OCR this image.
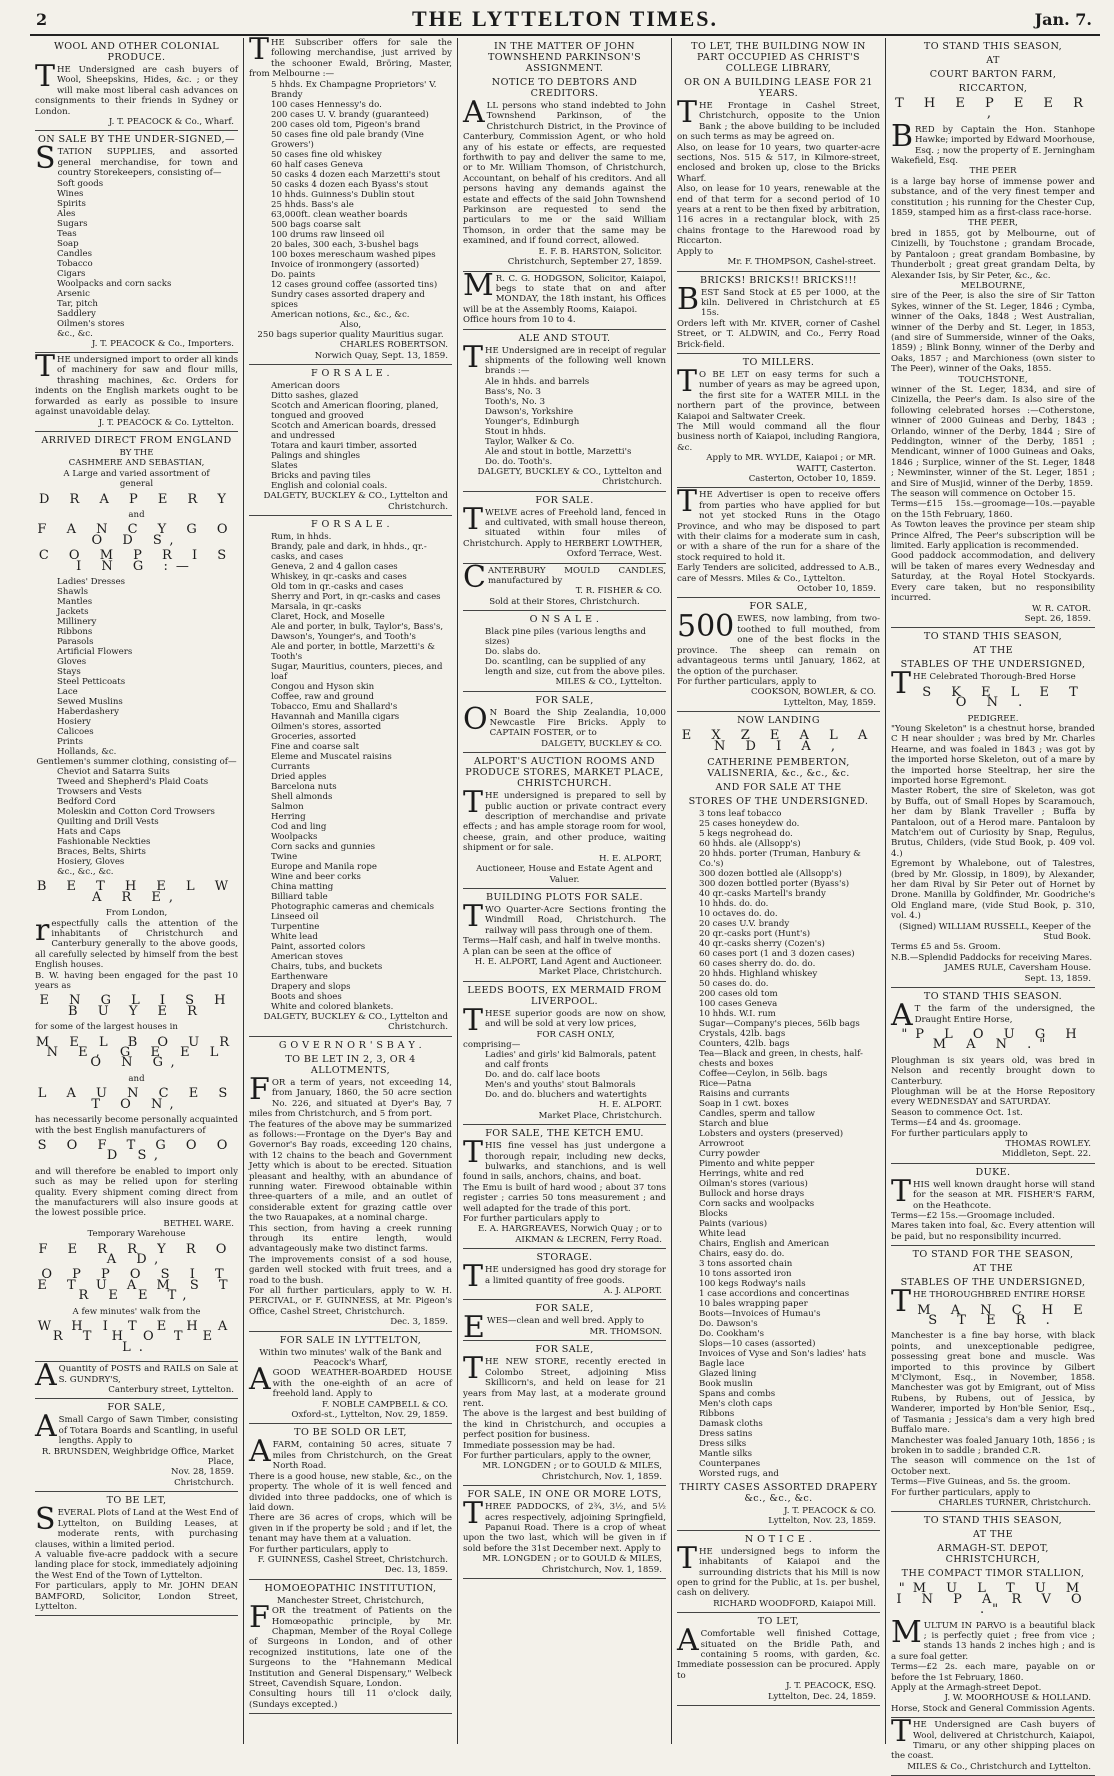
2	THE LYTTELTON TIMES.	Jan. 7.
WOOL AND OTHER COLONIAL PRODUCE.
THE Undersigned are cash buyers of Wool, Sheepskins, Hides, &c. ; or they will make most liberal cash advances on consignments to their friends in Sydney or London.
J. T. PEACOCK & Co., Wharf.
ON SALE BY THE UNDER-SIGNED,—
STATION SUPPLIES, and assorted general merchandise, for town and country Storekeepers, consisting of—
Soft goods
Wines
Spirits
Ales
Sugars
Teas
Soap
Candles
Tobacco
Cigars
Woolpacks and corn sacks
Arsenic
Tar, pitch
Saddlery
Oilmen's stores
&c., &c.
J. T. PEACOCK & Co., Importers.
THE undersigned import to order all kinds of machinery for saw and flour mills, thrashing machines, &c. Orders for indents on the English markets ought to be forwarded as early as possible to insure against unavoidable delay.
J. T. PEACOCK & Co. Lyttelton.
ARRIVED DIRECT FROM ENGLAND
BY THE
CASHMERE AND SEBASTIAN,
A Large and varied assortment of
general
D R A P E R Y
and
F A N C Y G O O D S,
C O M P R I S I N G :—
Ladies' Dresses
Shawls
Mantles
Jackets
Millinery
Ribbons
Parasols
Artificial Flowers
Gloves
Stays
Steel Petticoats
Lace
Sewed Muslins
Haberdashery
Hosiery
Calicoes
Prints
Hollands, &c.
Gentlemen's summer clothing, consisting of—
Cheviot and Satarra Suits
Tweed and Shepherd's Plaid Coats
Trowsers and Vests
Bedford Cord
Moleskin and Cotton Cord Trowsers
Quilting and Drill Vests
Hats and Caps
Fashionable Neckties
Braces, Belts, Shirts
Hosiery, Gloves
&c., &c., &c.
B E T H E L W A R E,
From London,
respectfully calls the attention of the inhabitants of Christchurch and Canterbury generally to the above goods, all carefully selected by himself from the best English houses.
B. W. having been engaged for the past 10 years as
E N G L I S H B U Y E R
for some of the largest houses in
M E L B O U R N E, G E E L O N G,
and
L A U N C E S T O N,
has necessarily become personally acquainted with the best English manufacturers of
S O F T G O O D S,
and will therefore be enabled to import only such as may be relied upon for sterling quality. Every shipment coming direct from the manufacturers will also insure goods at the lowest possible price.
BETHEL WARE.
Temporary Warehouse
F E R R Y R O A D,
O P P O S I T E T U A M S T R E E T,
A few minutes' walk from the
W H I T E H A R T H O T E L.
AQuantity of POSTS and RAILS on Sale at S. GUNDRY'S,
Canterbury street, Lyttelton.
FOR SALE,
ASmall Cargo of Sawn Timber, consisting of Totara Boards and Scantling, in useful lengths. Apply to
R. BRUNSDEN, Weighbridge Office, Market Place,
Nov. 28, 1859.
Christchurch.
TO BE LET,
SEVERAL Plots of Land at the West End of Lyttelton, on Building Leases, at moderate rents, with purchasing clauses, within a limited period.
A valuable five-acre paddock with a secure landing place for stock, immediately adjoining the West End of the Town of Lyttelton.
For particulars, apply to Mr. JOHN DEAN BAMFORD, Solicitor, London Street, Lyttelton.
THE Subscriber offers for sale the following merchandise, just arrived by the schooner Ewald, Bröring, Master, from Melbourne :—
5 hhds. Ex Champagne Proprietors' V. Brandy
100 cases Hennessy's do.
200 cases U. V. brandy (guaranteed)
200 cases old tom, Pigeon's brand
50 cases fine old pale brandy (Vine Growers')
50 cases fine old whiskey
60 half cases Geneva
50 casks 4 dozen each Marzetti's stout
50 casks 4 dozen each Byass's stout
10 hhds. Guinness's Dublin stout
25 hhds. Bass's ale
63,000ft. clean weather boards
500 bags coarse salt
100 drums raw linseed oil
20 bales, 300 each, 3-bushel bags
100 boxes mereschaum washed pipes
Invoice of ironmongery (assorted)
Do. paints
12 cases ground coffee (assorted tins)
Sundry cases assorted drapery and spices
American notions, &c., &c., &c.
Also,
250 bags superior quality Mauritius sugar.
CHARLES ROBERTSON.
Norwich Quay, Sept. 13, 1859.
F O R S A L E .
American doors
Ditto sashes, glazed
Scotch and American flooring, planed, tongued and grooved
Scotch and American boards, dressed and undressed
Totara and kauri timber, assorted
Palings and shingles
Slates
Bricks and paving tiles
English and colonial coals.
DALGETY, BUCKLEY & CO., Lyttelton and Christchurch.
F O R S A L E .
Rum, in hhds.
Brandy, pale and dark, in hhds., qr.-casks, and cases
Geneva, 2 and 4 gallon cases
Whiskey, in qr.-casks and cases
Old tom in qr.-casks and cases
Sherry and Port, in qr.-casks and cases
Marsala, in qr.-casks
Claret, Hock, and Moselle
Ale and porter, in bulk, Taylor's, Bass's, Dawson's, Younger's, and Tooth's
Ale and porter, in bottle, Marzetti's & Tooth's
Sugar, Mauritius, counters, pieces, and loaf
Congou and Hyson skin
Coffee, raw and ground
Tobacco, Emu and Shallard's
Havannah and Manilla cigars
Oilmen's stores, assorted
Groceries, assorted
Fine and coarse salt
Eleme and Muscatel raisins
Currants
Dried apples
Barcelona nuts
Shell almonds
Salmon
Herring
Cod and ling
Woolpacks
Corn sacks and gunnies
Twine
Europe and Manila rope
Wine and beer corks
China matting
Billiard table
Photographic cameras and chemicals
Linseed oil
Turpentine
White lead
Paint, assorted colors
American stoves
Chairs, tubs, and buckets
Earthenware
Drapery and slops
Boots and shoes
White and colored blankets.
DALGETY, BUCKLEY & CO., Lyttelton and Christchurch.
G O V E R N O R ' S B A Y .
TO BE LET IN 2, 3, OR 4 ALLOTMENTS,
FOR a term of years, not exceeding 14, from January, 1860, the 50 acre section No. 226, and situated at Dyer's Bay, 7 miles from Christchurch, and 5 from port.
The features of the above may be summarized as follows:—Frontage on the Dyer's Bay and Governor's Bay roads, exceeding 120 chains, with 12 chains to the beach and Government Jetty which is about to be erected. Situation pleasant and healthy, with an abundance of running water. Firewood obtainable within three-quarters of a mile, and an outlet of considerable extent for grazing cattle over the two Rauapakes, at a nominal charge.
This section, from having a creek running through its entire length, would advantageously make two distinct farms.
The improvements consist of a sod house, garden well stocked with fruit trees, and a road to the bush.
For all further particulars, apply to W. H. PERCIVAL, or F. GUINNESS, at Mr. Pigeon's Office, Cashel Street, Christchurch.
Dec. 3, 1859.
FOR SALE IN LYTTELTON,
Within two minutes' walk of the Bank and Peacock's Wharf,
AGOOD WEATHER-BOARDED HOUSE with the one-eighth of an acre of freehold land. Apply to
F. NOBLE CAMPBELL & CO.
Oxford-st., Lyttelton, Nov. 29, 1859.
TO BE SOLD OR LET,
AFARM, containing 50 acres, situate 7 miles from Christchurch, on the Great North Road.
There is a good house, new stable, &c., on the property. The whole of it is well fenced and divided into three paddocks, one of which is laid down.
There are 36 acres of crops, which will be given in if the property be sold ; and if let, the tenant may have them at a valuation.
For further particulars, apply to
F. GUINNESS, Cashel Street, Christchurch.
Dec. 13, 1859.
HOMOEOPATHIC INSTITUTION,
Manchester Street, Christchurch,
FOR the treatment of Patients on the Homœopathic principle, by Mr. Chapman, Member of the Royal College of Surgeons in London, and of other recognized institutions, late one of the Surgeons to the "Hahnemann Medical Institution and General Dispensary," Welbeck Street, Cavendish Square, London.
Consulting hours till 11 o'clock daily, (Sundays excepted.)
IN THE MATTER OF JOHN TOWNSHEND PARKINSON'S ASSIGNMENT.
NOTICE TO DEBTORS AND CREDITORS.
ALL persons who stand indebted to John Townshend Parkinson, of the Christchurch District, in the Province of Canterbury, Commission Agent, or who hold any of his estate or effects, are requested forthwith to pay and deliver the same to me, or to Mr. William Thomson, of Christchurch, Accountant, on behalf of his creditors. And all persons having any demands against the estate and effects of the said John Townshend Parkinson are requested to send the particulars to me or the said William Thomson, in order that the same may be examined, and if found correct, allowed.
E. F. B. HARSTON, Solicitor.
Christchurch, September 27, 1859.
MR. C. G. HODGSON, Solicitor, Kaiapoi, begs to state that on and after MONDAY, the 18th instant, his Offices will be at the Assembly Rooms, Kaiapoi.
Office hours from 10 to 4.
ALE AND STOUT.
THE Undersigned are in receipt of regular shipments of the following well known brands :—
Ale in hhds. and barrels
Bass's, No. 3
Tooth's, No. 3
Dawson's, Yorkshire
Younger's, Edinburgh
Stout in hhds.
Taylor, Walker & Co.
Ale and stout in bottle, Marzetti's
Do. do. Tooth's.
DALGETY, BUCKLEY & CO., Lyttelton and Christchurch.
FOR SALE.
TWELVE acres of Freehold land, fenced in and cultivated, with small house thereon, situated within four miles of Christchurch. Apply to HERBERT LOWTHER,
Oxford Terrace, West.
CANTERBURY MOULD CANDLES, manufactured by
T. R. FISHER & CO.
Sold at their Stores, Christchurch.
O N S A L E .
Black pine piles (various lengths and sizes)
Do. slabs do.
Do. scantling, can be supplied of any length and size, cut from the above piles.
MILES & CO., Lyttelton.
FOR SALE,
ON Board the Ship Zealandia, 10,000 Newcastle Fire Bricks. Apply to CAPTAIN FOSTER, or to
DALGETY, BUCKLEY & CO.
ALPORT'S AUCTION ROOMS AND PRODUCE STORES, MARKET PLACE, CHRISTCHURCH.
THE undersigned is prepared to sell by public auction or private contract every description of merchandise and private effects ; and has ample storage room for wool, cheese, grain, and other produce, waiting shipment or for sale.
H. E. ALPORT,
Auctioneer, House and Estate Agent and Valuer.
BUILDING PLOTS FOR SALE.
TWO Quarter-Acre Sections fronting the Windmill Road, Christchurch. The railway will pass through one of them.
Terms—Half cash, and half in twelve months.
A plan can be seen at the office of
H. E. ALPORT, Land Agent and Auctioneer.
Market Place, Christchurch.
LEEDS BOOTS, EX MERMAID FROM LIVERPOOL.
THESE superior goods are now on show, and will be sold at very low prices,
FOR CASH ONLY,
comprising—
Ladies' and girls' kid Balmorals, patent and calf fronts
Do. and do. calf lace boots
Men's and youths' stout Balmorals
Do. and do. bluchers and watertights
H. E. ALPORT.
Market Place, Christchurch.
FOR SALE, THE KETCH EMU.
THIS fine vessel has just undergone a thorough repair, including new decks, bulwarks, and stanchions, and is well found in sails, anchors, chains, and boat.
The Emu is built of hard wood ; about 37 tons register ; carries 50 tons measurement ; and well adapted for the trade of this port.
For further particulars apply to
E. A. HARGREAVES, Norwich Quay ; or to AIKMAN & LECREN, Ferry Road.
STORAGE.
THE undersigned has good dry storage for a limited quantity of free goods.
A. J. ALPORT.
FOR SALE,
EWES—clean and well bred. Apply to
MR. THOMSON.
FOR SALE,
THE NEW STORE, recently erected in Colombo Street, adjoining Miss Skillicorn's, and held on lease for 21 years from May last, at a moderate ground rent.
The above is the largest and best building of the kind in Christchurch, and occupies a perfect position for business.
Immediate possession may be had.
For further particulars, apply to the owner,
MR. LONGDEN ; or to GOULD & MILES,
Christchurch, Nov. 1, 1859.
FOR SALE, IN ONE OR MORE LOTS,
THREE PADDOCKS, of 2¾, 3½, and 5½ acres respectively, adjoining Springfield, Papanui Road. There is a crop of wheat upon the two last, which will be given in if sold before the 31st December next. Apply to
MR. LONGDEN ; or to GOULD & MILES,
Christchurch, Nov. 1, 1859.
TO LET, THE BUILDING NOW IN PART OCCUPIED AS CHRIST'S COLLEGE LIBRARY,
OR ON A BUILDING LEASE FOR 21 YEARS.
THE Frontage in Cashel Street, Christchurch, opposite to the Union Bank ; the above building to be included on such terms as may be agreed on.
Also, on lease for 10 years, two quarter-acre sections, Nos. 515 & 517, in Kilmore-street, enclosed and broken up, close to the Bricks Wharf.
Also, on lease for 10 years, renewable at the end of that term for a second period of 10 years at a rent to be then fixed by arbitration, 116 acres in a rectangular block, with 25 chains frontage to the Harewood road by Riccarton.
Apply to
Mr. F. THOMPSON, Cashel-street.
BRICKS! BRICKS!! BRICKS!!!
BEST Sand Stock at £5 per 1000, at the kiln. Delivered in Christchurch at £5 15s.
Orders left with Mr. KIVER, corner of Cashel Street, or T. ALDWIN, and Co., Ferry Road Brick-field.
TO MILLERS.
TO BE LET on easy terms for such a number of years as may be agreed upon, the first site for a WATER MILL in the northern part of the province, between Kaiapoi and Saltwater Creek.
The Mill would command all the flour business north of Kaiapoi, including Rangiora, &c.
Apply to MR. WYLDE, Kaiapoi ; or MR. WAITT, Casterton.
Casterton, October 10, 1859.
THE Advertiser is open to receive offers from parties who have applied for but not yet stocked Runs in the Otago Province, and who may be disposed to part with their claims for a moderate sum in cash, or with a share of the run for a share of the stock required to hold it.
Early Tenders are solicited, addressed to A.B., care of Messrs. Miles & Co., Lyttelton.
October 10, 1859.
FOR SALE,
500 EWES, now lambing, from two-toothed to full mouthed, from one of the best flocks in the province. The sheep can remain on advantageous terms until January, 1862, at the option of the purchaser.
For further particulars, apply to
COOKSON, BOWLER, & CO.
Lyttelton, May, 1859.
NOW LANDING
E X Z E A L A N D I A ,
CATHERINE PEMBERTON, VALISNERIA, &c., &c., &c.
AND FOR SALE AT THE
STORES OF THE UNDERSIGNED.
3 tons leaf tobacco
25 cases honeydew do.
5 kegs negrohead do.
60 hhds. ale (Allsopp's)
20 hhds. porter (Truman, Hanbury & Co.'s)
300 dozen bottled ale (Allsopp's)
300 dozen bottled porter (Byass's)
40 qr.-casks Martell's brandy
10 hhds. do. do.
10 octaves do. do.
20 cases U.V. brandy
20 qr.-casks port (Hunt's)
40 qr.-casks sherry (Cozen's)
60 cases port (1 and 3 dozen cases)
60 cases sherry do. do. do.
20 hhds. Highland whiskey
50 cases do. do.
200 cases old tom
100 cases Geneva
10 hhds. W.I. rum
Sugar—Company's pieces, 56lb bags
Crystals, 42lb. bags
Counters, 42lb. bags
Tea—Black and green, in chests, half-chests and boxes
Coffee—Ceylon, in 56lb. bags
Rice—Patna
Raisins and currants
Soap in 1 cwt. boxes
Candles, sperm and tallow
Starch and blue
Lobsters and oysters (preserved)
Arrowroot
Curry powder
Pimento and white pepper
Herrings, white and red
Oilman's stores (various)
Bullock and horse drays
Corn sacks and woolpacks
Blocks
Paints (various)
White lead
Chairs, English and American
Chairs, easy do. do.
3 tons assorted chain
10 tons assorted iron
100 kegs Rodway's nails
1 case accordions and concertinas
10 bales wrapping paper
Boots—Invoices of Humau's
Do. Dawson's
Do. Cookham's
Slops—10 cases (assorted)
Invoices of Vyse and Son's ladies' hats
Bagle lace
Glazed lining
Book muslin
Spans and combs
Men's cloth caps
Ribbons
Damask cloths
Dress satins
Dress silks
Mantle silks
Counterpanes
Worsted rugs, and
THIRTY CASES ASSORTED DRAPERY &c., &c., &c.
J. T. PEACOCK & CO.
Lyttelton, Nov. 23, 1859.
N O T I C E .
THE undersigned begs to inform the inhabitants of Kaiapoi and the surrounding districts that his Mill is now open to grind for the Public, at 1s. per bushel, cash on delivery.
RICHARD WOODFORD, Kaiapoi Mill.
TO LET,
AComfortable well finished Cottage, situated on the Bridle Path, and containing 5 rooms, with garden, &c. Immediate possession can be procured. Apply to
J. T. PEACOCK, ESQ.
Lyttelton, Dec. 24, 1859.
TO STAND THIS SEASON,
AT
COURT BARTON FARM,
RICCARTON,
T H E P E E R ,
BRED by Captain the Hon. Stanhope Hawke; imported by Edward Moorhouse, Esq. ; now the property of E. Jerningham Wakefield, Esq.
THE PEER
is a large bay horse of immense power and substance, and of the very finest temper and constitution ; his running for the Chester Cup, 1859, stamped him as a first-class race-horse.
THE PEER,
bred in 1855, got by Melbourne, out of Cinizelli, by Touchstone ; grandam Brocade, by Pantaloon ; great grandam Bombasine, by Thunderbolt ; great great grandam Delta, by Alexander Isis, by Sir Peter, &c., &c.
MELBOURNE,
sire of the Peer, is also the sire of Sir Tatton Sykes, winner of the St. Leger, 1846 ; Cymba, winner of the Oaks, 1848 ; West Australian, winner of the Derby and St. Leger, in 1853, (and sire of Summerside, winner of the Oaks, 1859) ; Blink Bonny, winner of the Derby and Oaks, 1857 ; and Marchioness (own sister to The Peer), winner of the Oaks, 1855.
TOUCHSTONE,
winner of the St. Leger, 1834, and sire of Cinizella, the Peer's dam. Is also sire of the following celebrated horses :—Cotherstone, winner of 2000 Guineas and Derby, 1843 ; Orlando, winner of the Derby, 1844 ; Sire of Peddington, winner of the Derby, 1851 ; Mendicant, winner of 1000 Guineas and Oaks, 1846 ; Surplice, winner of the St. Leger, 1848 ; Newminster, winner of the St. Leger, 1851 ; and Sire of Musjid, winner of the Derby, 1859.
The season will commence on October 15.
Terms—£15 15s.—groomage—10s.—payable on the 15th February, 1860.
As Towton leaves the province per steam ship Prince Alfred, The Peer's subscription will be limited. Early application is recommended.
Good paddock accommodation, and delivery will be taken of mares every Wednesday and Saturday, at the Royal Hotel Stockyards. Every care taken, but no responsibility incurred.
W. R. CATOR.
Sept. 26, 1859.
TO STAND THIS SEASON,
AT THE
STABLES OF THE UNDERSIGNED,
THE Celebrated Thorough-Bred Horse
S K E L E T O N .
PEDIGREE.
"Young Skeleton" is a chestnut horse, branded C H near shoulder ; was bred by Mr. Charles Hearne, and was foaled in 1843 ; was got by the imported horse Skeleton, out of a mare by the imported horse Steeltrap, her sire the imported horse Egremont.
Master Robert, the sire of Skeleton, was got by Buffa, out of Small Hopes by Scaramouch, her dam by Blank Traveller ; Buffa by Pantaloon, out of a Herod mare. Pantaloon by Match'em out of Curiosity by Snap, Regulus, Brutus, Childers, (vide Stud Book, p. 409 vol. 4.)
Egremont by Whalebone, out of Talestres, (bred by Mr. Glossip, in 1809), by Alexander, her dam Rival by Sir Peter out of Hornet by Drone. Manilla by Goldfinder, Mr. Goodriche's Old England mare, (vide Stud Book, p. 310, vol. 4.)
(Signed) WILLIAM RUSSELL, Keeper of the Stud Book.
Terms £5 and 5s. Groom.
N.B.—Splendid Paddocks for receiving Mares.
JAMES RULE, Caversham House.
Sept. 13, 1859.
TO STAND THIS SEASON.
AT the farm of the undersigned, the Draught Entire Horse,
"P L O U G H M A N ."
Ploughman is six years old, was bred in Nelson and recently brought down to Canterbury.
Ploughman will be at the Horse Repository every WEDNESDAY and SATURDAY.
Season to commence Oct. 1st.
Terms—£4 and 4s. groomage.
For further particulars apply to
THOMAS ROWLEY.
Middleton, Sept. 22.
DUKE.
THIS well known draught horse will stand for the season at MR. FISHER'S FARM, on the Heathcote.
Terms—£2 15s.—Groomage included.
Mares taken into foal, &c. Every attention will be paid, but no responsibility incurred.
TO STAND FOR THE SEASON,
AT THE
STABLES OF THE UNDERSIGNED,
THE THOROUGHBRED ENTIRE HORSE
M A N C H E S T E R .
Manchester is a fine bay horse, with black points, and unexceptionable pedigree, possessing great bone and muscle. Was imported to this province by Gilbert M'Clymont, Esq., in November, 1858. Manchester was got by Emigrant, out of Miss Rubens, by Rubens, out of Jessica, by Wanderer, imported by Hon'ble Senior, Esq., of Tasmania ; Jessica's dam a very high bred Buffalo mare.
Manchester was foaled January 10th, 1856 ; is broken in to saddle ; branded C.R.
The season will commence on the 1st of October next.
Terms—Five Guineas, and 5s. the groom.
For further particulars, apply to
CHARLES TURNER, Christchurch.
TO STAND THIS SEASON,
AT THE
ARMAGH-ST. DEPOT, CHRISTCHURCH,
THE COMPACT TIMOR STALLION,
"M U L T U M I N P A R V O ."
MULTUM IN PARVO is a beautiful black ; is perfectly quiet ; free from vice ; stands 13 hands 2 inches high ; and is a sure foal getter.
Terms—£2 2s. each mare, payable on or before the 1st February, 1860.
Apply at the Armagh-street Depot.
J. W. MOORHOUSE & HOLLAND.
Horse, Stock and General Commission Agents.
THE Undersigned are Cash buyers of Wool, delivered at Christchurch, Kaiapoi, Timaru, or any other shipping places on the coast.
MILES & Co., Christchurch and Lyttelton.
